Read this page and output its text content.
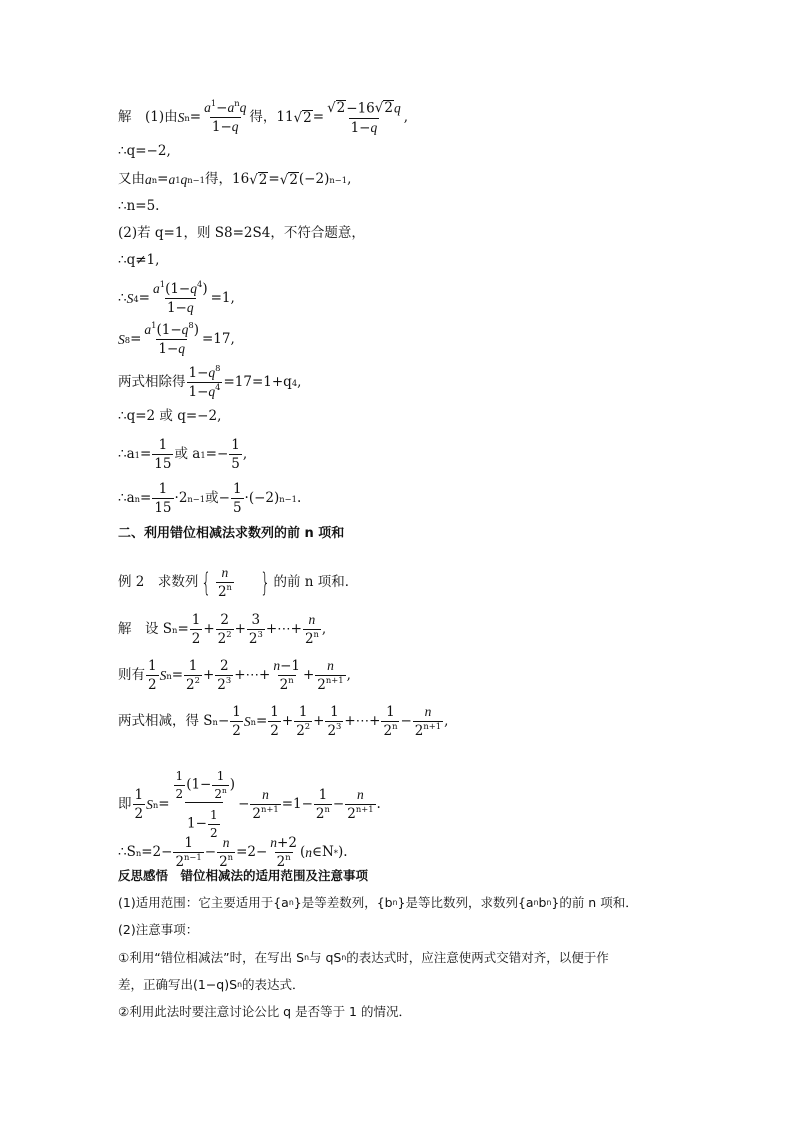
解　(1)由 S $n = \frac{a^1-a^nq}{1-q}$ 得，11 √ $2 = \frac{√ 2 -16 √ 2 q}{1-q}$ ,
∴q=−2,
又由 a n = a 1 q n−1 得，16 √ 2 = √ 2 (−2) n−1 ,
∴n=5.
(2)若 q=1，则 S8=2S4，不符合题意，
∴q≠1,
∴ S $4 = \frac{a^1(1-q^4)}{1-q} =1$,
S $8 = \frac{a^1(1-q^8)}{1-q} =17$,
两式相除得 $\frac{1-q^8}{1-q^4} =17=1+q$ 4 ,
∴q=2 或 q=−2,
∴a $1 = \frac{1}{15}$ 或 a $1 =- \frac{1}{5}$ ,
∴a $n = \frac{1}{15} \cdot 2$ n−1 或− $\frac{1}{5} \cdot(-2)$ n−1 .
二、利用错位相减法求数列的前 n 项和
例 2　求数列 { $\frac{n}{2^n}$ } 的前 n 项和．
解　设 S $n = \frac{1}{2} + \frac{2}{2^2} + \frac{3}{2^3}$ +⋯+ $\frac{n}{2^n}$ ,
则有 $\frac{1}{2}$ S $n = \frac{1}{2^2} + \frac{2}{2^3}$ +⋯+ $\frac{n-1}{2^n} + \frac{n}{2^{n+1}}$ ,
两式相减，得 S $n - \frac{1}{2}$ S $n = \frac{1}{2} + \frac{1}{2^2} + \frac{1}{2^3}$ +⋯+ $\frac{1}{2^n} - \frac{n}{2^{n+1}}$ ,
即 $\frac{1}{2}$ S $n = \frac{\frac{1}{2} (1- \frac{1}{2^n} )}{1- \frac{1}{2}} - \frac{n}{2^{n+1}} =1- \frac{1}{2^n} - \frac{n}{2^{n+1}}$ .
∴S $n =2- \frac{1}{2^{n-1}} - \frac{n}{2^n} =2- \frac{n+2}{2^n}$ ( n ∈N * ).
反思感悟　错位相减法的适用范围及注意事项
(1)适用范围：它主要适用于{a n }是等差数列，{b n }是等比数列，求数列{a n b n }的前 n 项和．
(2)注意事项：
①利用“错位相减法”时，在写出 S n 与 qS n 的表达式时，应注意使两式交错对齐，以便于作
差，正确写出(1−q)S n 的表达式．
②利用此法时要注意讨论公比 q 是否等于 1 的情况．
